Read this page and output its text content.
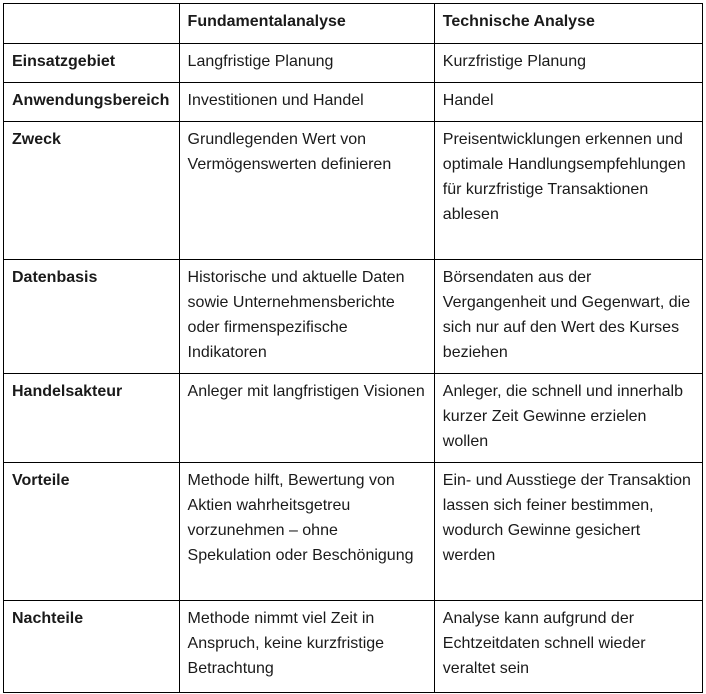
	Fundamentalanalyse	Technische Analyse
Einsatzgebiet	Langfristige Planung	Kurzfristige Planung
Anwendungsbereich	Investitionen und Handel	Handel
Zweck	Grundlegenden Wert von Vermögenswerten definieren	Preisentwicklungen erkennen und optimale Handlungsempfehlungen für kurzfristige Transaktionen ablesen
Datenbasis	Historische und aktuelle Daten sowie Unternehmensberichte oder firmenspezifische Indikatoren	Börsendaten aus der Vergangenheit und Gegenwart, die sich nur auf den Wert des Kurses beziehen
Handelsakteur	Anleger mit langfristigen Visionen	Anleger, die schnell und innerhalb kurzer Zeit Gewinne erzielen wollen
Vorteile	Methode hilft, Bewertung von Aktien wahrheitsgetreu vorzunehmen – ohne Spekulation oder Beschönigung	Ein- und Ausstiege der Transaktion lassen sich feiner bestimmen, wodurch Gewinne gesichert werden
Nachteile	Methode nimmt viel Zeit in Anspruch, keine kurzfristige Betrachtung	Analyse kann aufgrund der Echtzeitdaten schnell wieder veraltet sein
